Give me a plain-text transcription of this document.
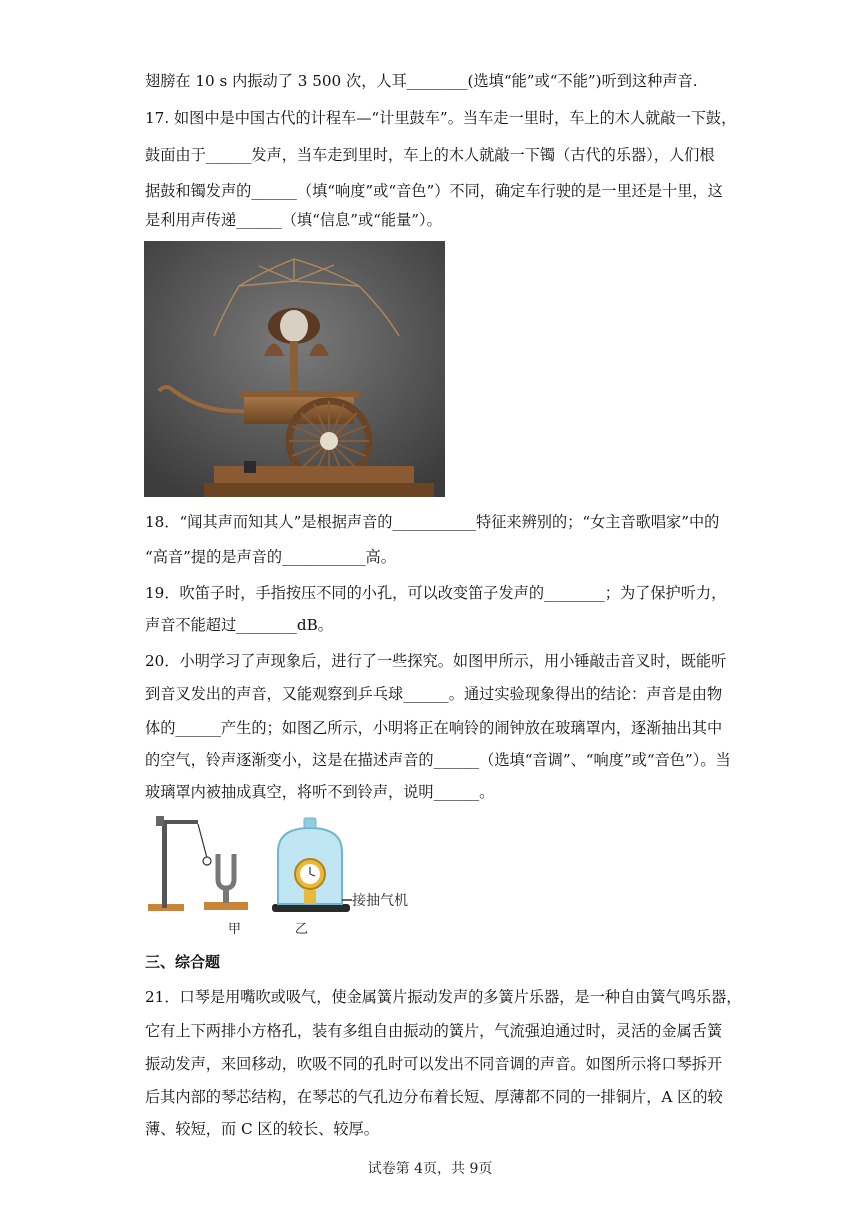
翅膀在 10 s 内振动了 3 500 次，人耳________(选填“能”或“不能”)听到这种声音.
17. 如图中是中国古代的计程车—“计里鼓车”。当车走一里时，车上的木人就敲一下鼓，
鼓面由于______发声，当车走到里时，车上的木人就敲一下镯（古代的乐器），人们根
据鼓和镯发声的______（填“响度”或“音色”）不同，确定车行驶的是一里还是十里，这
是利用声传递______（填“信息”或“能量”）。
18．“闻其声而知其人”是根据声音的___________特征来辨别的；“女主音歌唱家”中的
“高音”提的是声音的___________高。
19．吹笛子时，手指按压不同的小孔，可以改变笛子发声的________；为了保护听力，
声音不能超过________dB。
20．小明学习了声现象后，进行了一些探究。如图甲所示，用小锤敲击音叉时，既能听
到音叉发出的声音，又能观察到乒乓球______。通过实验现象得出的结论：声音是由物
体的______产生的；如图乙所示，小明将正在响铃的闹钟放在玻璃罩内，逐渐抽出其中
的空气，铃声逐渐变小，这是在描述声音的______（选填“音调”、“响度”或“音色”）。当
玻璃罩内被抽成真空，将听不到铃声，说明______。
甲
接抽气机
乙
三、综合题
21．口琴是用嘴吹或吸气，使金属簧片振动发声的多簧片乐器，是一种自由簧气鸣乐器，
它有上下两排小方格孔，装有多组自由振动的簧片，气流强迫通过时，灵活的金属舌簧
振动发声，来回移动，吹吸不同的孔时可以发出不同音调的声音。如图所示将口琴拆开
后其内部的琴芯结构，在琴芯的气孔边分布着长短、厚薄都不同的一排铜片，A 区的较
薄、较短，而 C 区的较长、较厚。
试卷第 4页，共 9页
